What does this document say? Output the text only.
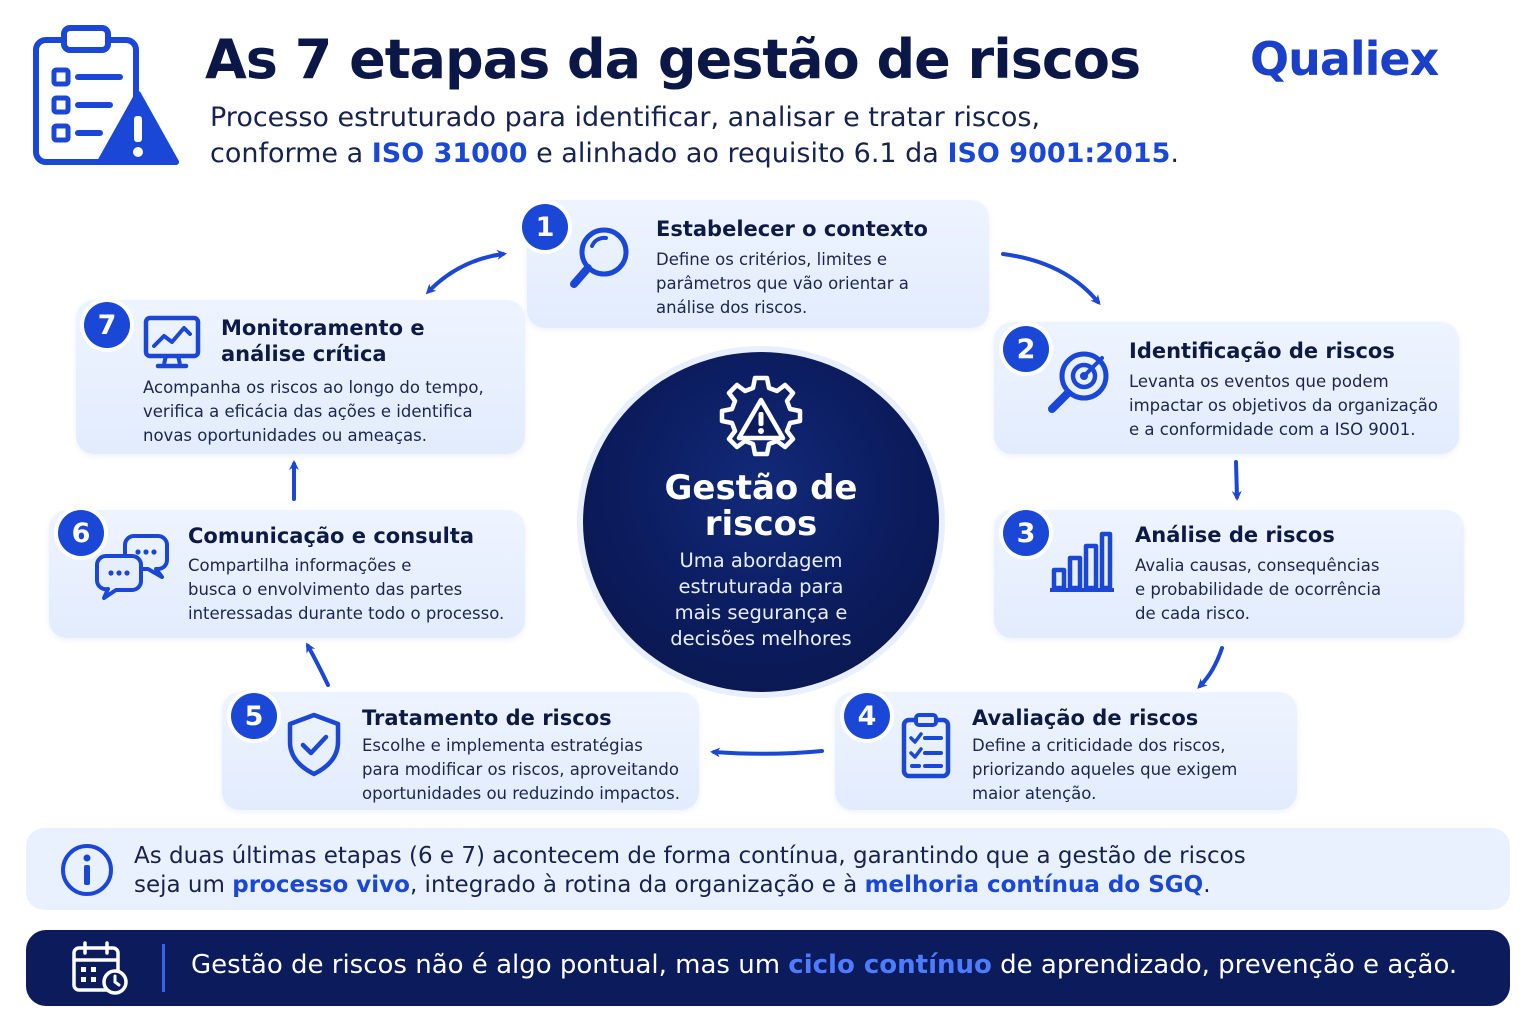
As 7 etapas da gestão de riscos
Processo estruturado para identificar, analisar e tratar riscos,
conforme a ISO 31000 e alinhado ao requisito 6.1 da ISO 9001:2015.
Qualiex
Gestão de
riscos
Uma abordagem
estruturada para
mais segurança e
decisões melhores
1	Estabelecer o contexto
Define os critérios, limites e
parâmetros que vão orientar a
análise dos riscos.
2	Identificação de riscos
Levanta os eventos que podem
impactar os objetivos da organização
e a conformidade com a ISO 9001.
3	Análise de riscos
Avalia causas, consequências
e probabilidade de ocorrência
de cada risco.
4	Avaliação de riscos
Define a criticidade dos riscos,
priorizando aqueles que exigem
maior atenção.
5	Tratamento de riscos
Escolhe e implementa estratégias
para modificar os riscos, aproveitando
oportunidades ou reduzindo impactos.
6	Comunicação e consulta
Compartilha informações e
busca o envolvimento das partes
interessadas durante todo o processo.
7	Monitoramento e
análise crítica
Acompanha os riscos ao longo do tempo,
verifica a eficácia das ações e identifica
novas oportunidades ou ameaças.
As duas últimas etapas (6 e 7) acontecem de forma contínua, garantindo que a gestão de riscos
seja um processo vivo, integrado à rotina da organização e à melhoria contínua do SGQ.
Gestão de riscos não é algo pontual, mas um ciclo contínuo de aprendizado, prevenção e ação.
